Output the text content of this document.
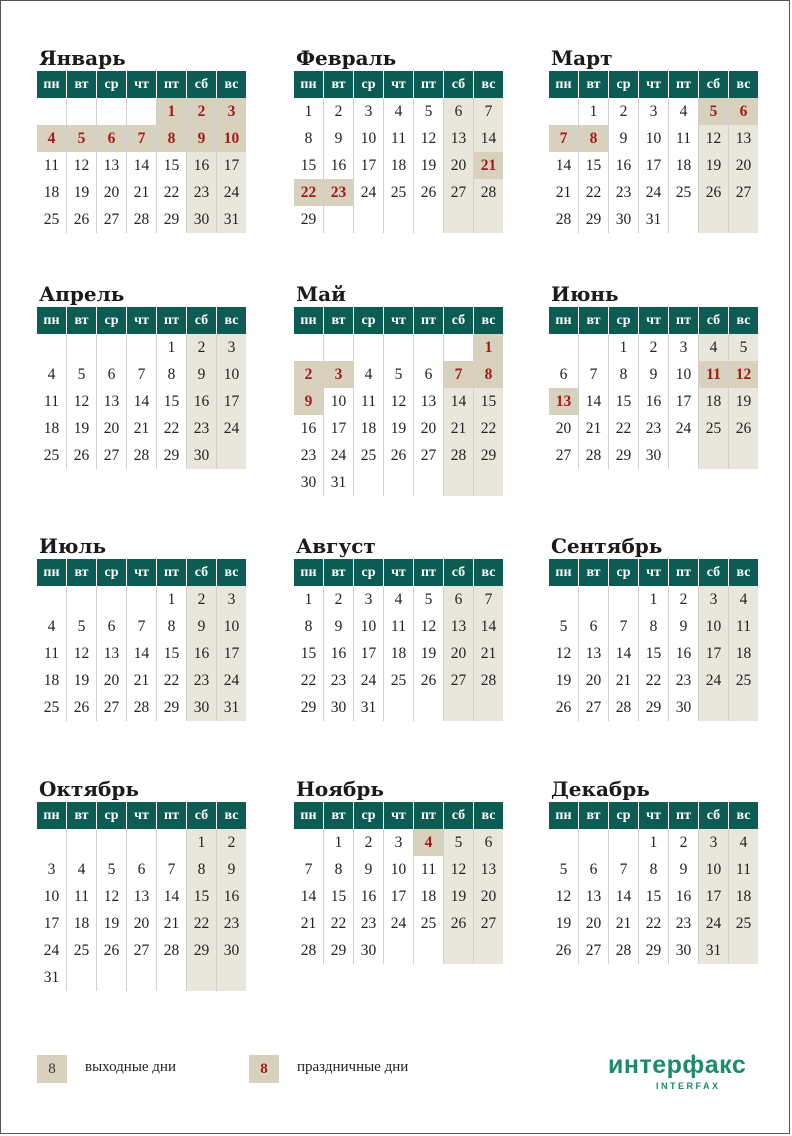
Январь
пн	вт	ср	чт	пт	сб	вс
				1	2	3
4	5	6	7	8	9	10
11	12	13	14	15	16	17
18	19	20	21	22	23	24
25	26	27	28	29	30	31
Февраль
пн	вт	ср	чт	пт	сб	вс
1	2	3	4	5	6	7
8	9	10	11	12	13	14
15	16	17	18	19	20	21
22	23	24	25	26	27	28
29						
Март
пн	вт	ср	чт	пт	сб	вс
	1	2	3	4	5	6
7	8	9	10	11	12	13
14	15	16	17	18	19	20
21	22	23	24	25	26	27
28	29	30	31			
Апрель
пн	вт	ср	чт	пт	сб	вс
				1	2	3
4	5	6	7	8	9	10
11	12	13	14	15	16	17
18	19	20	21	22	23	24
25	26	27	28	29	30	
Май
пн	вт	ср	чт	пт	сб	вс
						1
2	3	4	5	6	7	8
9	10	11	12	13	14	15
16	17	18	19	20	21	22
23	24	25	26	27	28	29
30	31					
Июнь
пн	вт	ср	чт	пт	сб	вс
		1	2	3	4	5
6	7	8	9	10	11	12
13	14	15	16	17	18	19
20	21	22	23	24	25	26
27	28	29	30			
Июль
пн	вт	ср	чт	пт	сб	вс
				1	2	3
4	5	6	7	8	9	10
11	12	13	14	15	16	17
18	19	20	21	22	23	24
25	26	27	28	29	30	31
Август
пн	вт	ср	чт	пт	сб	вс
1	2	3	4	5	6	7
8	9	10	11	12	13	14
15	16	17	18	19	20	21
22	23	24	25	26	27	28
29	30	31				
Сентябрь
пн	вт	ср	чт	пт	сб	вс
			1	2	3	4
5	6	7	8	9	10	11
12	13	14	15	16	17	18
19	20	21	22	23	24	25
26	27	28	29	30		
Октябрь
пн	вт	ср	чт	пт	сб	вс
					1	2
3	4	5	6	7	8	9
10	11	12	13	14	15	16
17	18	19	20	21	22	23
24	25	26	27	28	29	30
31						
Ноябрь
пн	вт	ср	чт	пт	сб	вс
	1	2	3	4	5	6
7	8	9	10	11	12	13
14	15	16	17	18	19	20
21	22	23	24	25	26	27
28	29	30				
Декабрь
пн	вт	ср	чт	пт	сб	вс
			1	2	3	4
5	6	7	8	9	10	11
12	13	14	15	16	17	18
19	20	21	22	23	24	25
26	27	28	29	30	31	
8	выходные дни	8	праздничные дни	интерфакс
INTERFAX
